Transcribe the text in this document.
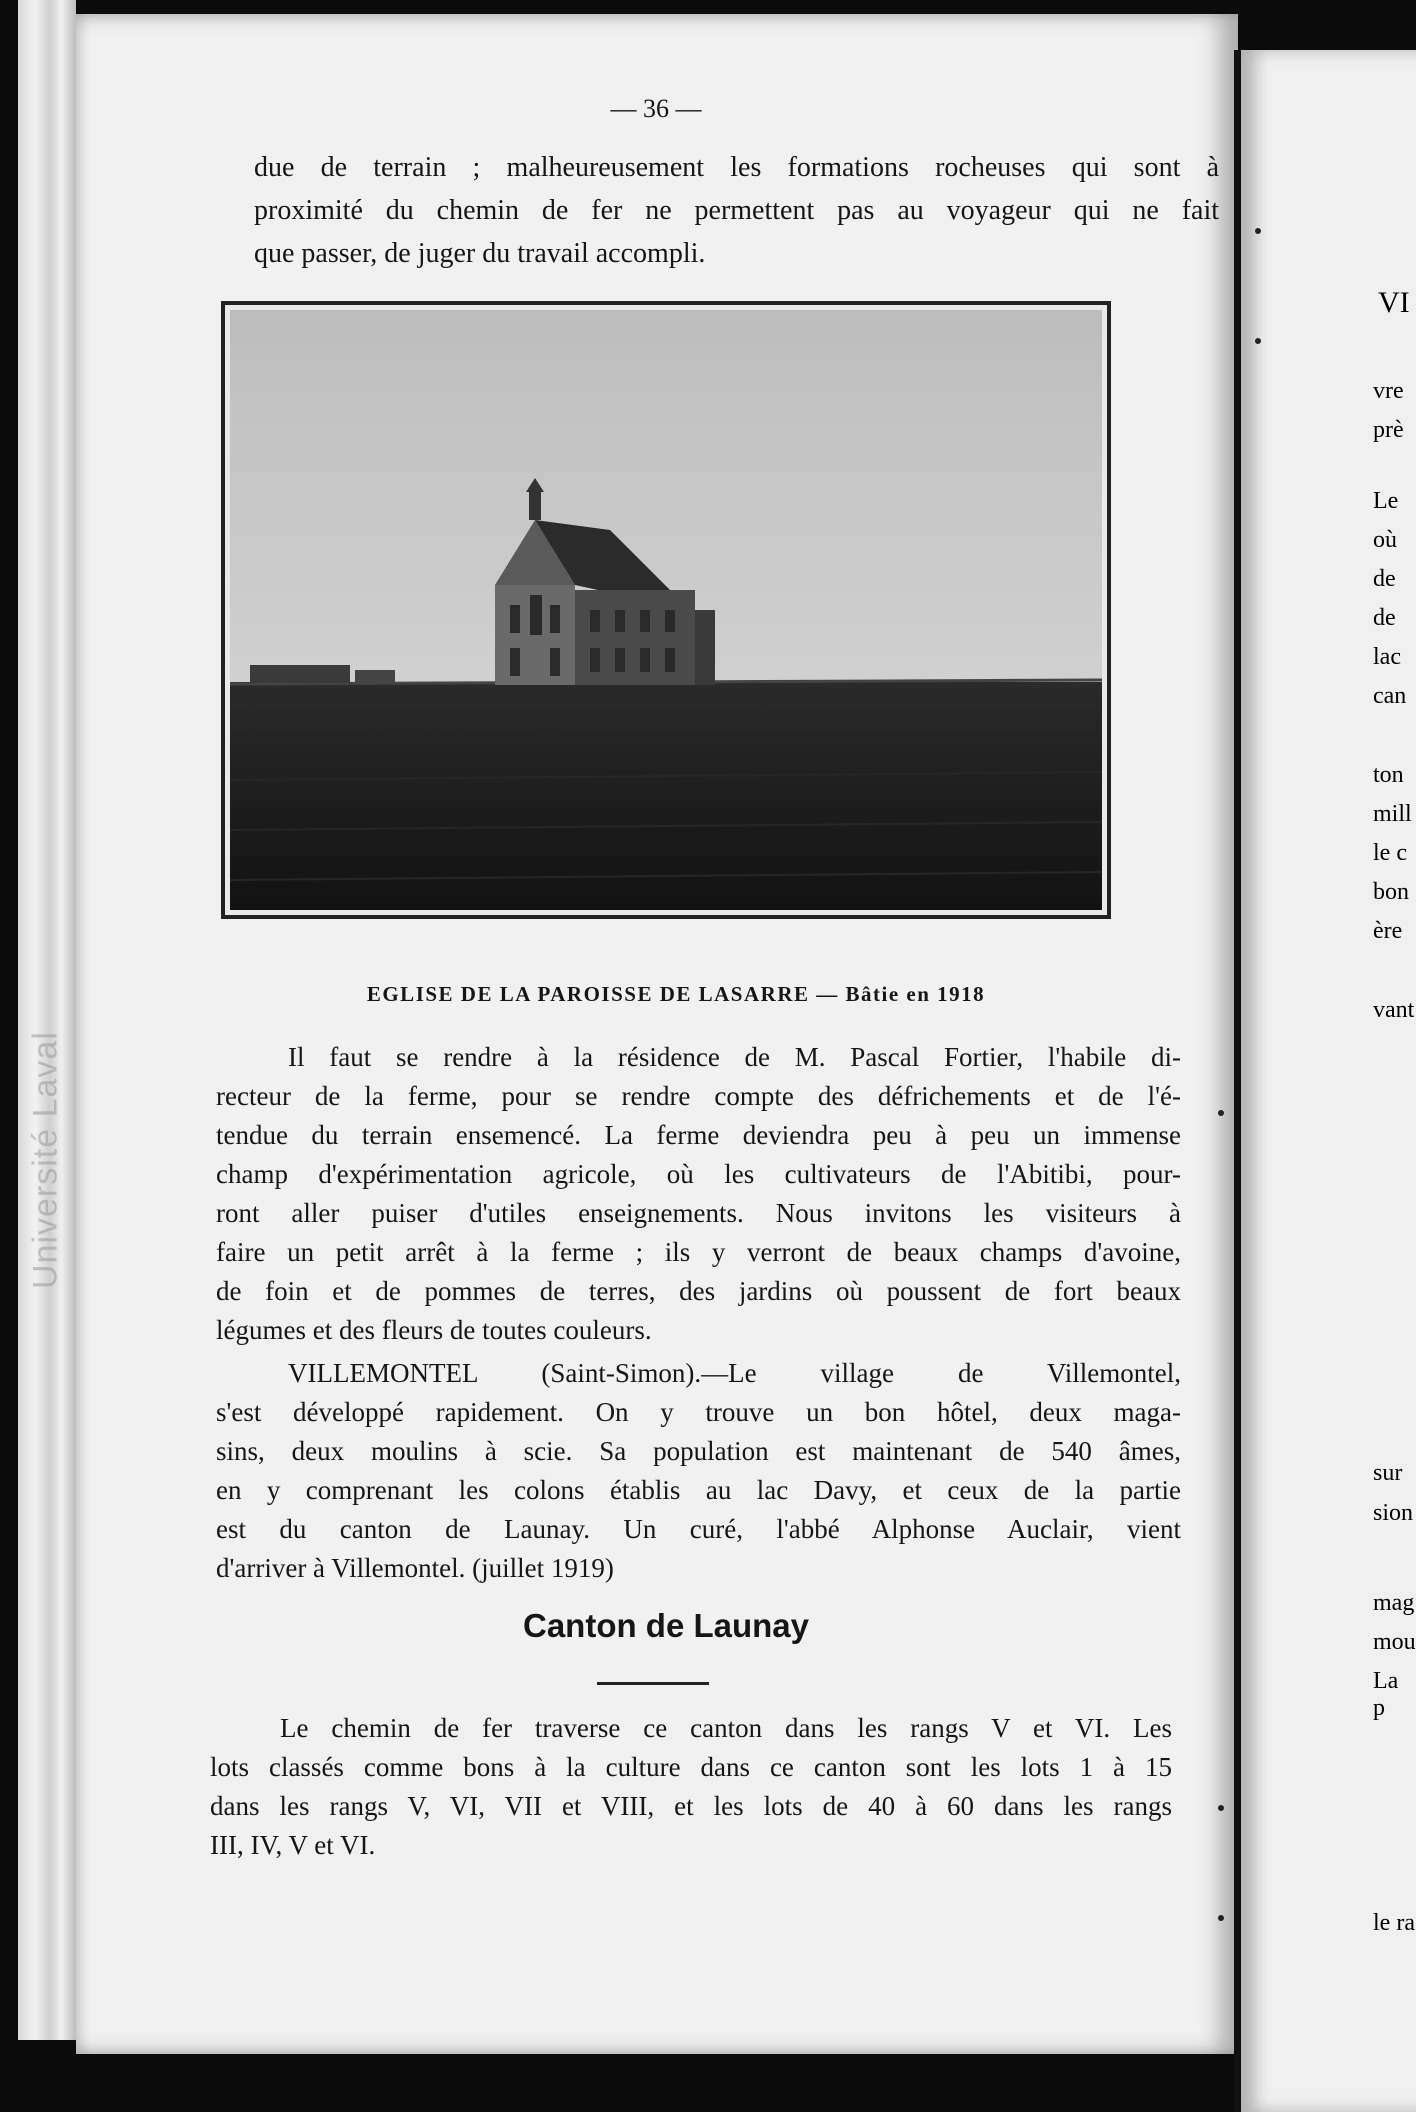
Université Laval
— 36 —
due de terrain ; malheureusement les formations rocheuses qui sont à
proximité du chemin de fer ne permettent pas au voyageur qui ne fait
que passer, de juger du travail accompli.
EGLISE DE LA PAROISSE DE LASARRE — Bâtie en 1918
Il faut se rendre à la résidence de M. Pascal Fortier, l'habile di-
recteur de la ferme, pour se rendre compte des défrichements et de l'é-
tendue du terrain ensemencé. La ferme deviendra peu à peu un immense
champ d'expérimentation agricole, où les cultivateurs de l'Abitibi, pour-
ront aller puiser d'utiles enseignements. Nous invitons les visiteurs à
faire un petit arrêt à la ferme ; ils y verront de beaux champs d'avoine,
de foin et de pommes de terres, des jardins où poussent de fort beaux
légumes et des fleurs de toutes couleurs.
VILLEMONTEL (Saint-Simon).—Le village de Villemontel,
s'est développé rapidement. On y trouve un bon hôtel, deux maga-
sins, deux moulins à scie. Sa population est maintenant de 540 âmes,
en y comprenant les colons établis au lac Davy, et ceux de la partie
est du canton de Launay. Un curé, l'abbé Alphonse Auclair, vient
d'arriver à Villemontel. (juillet 1919)
Canton de Launay
Le chemin de fer traverse ce canton dans les rangs V et VI. Les
lots classés comme bons à la culture dans ce canton sont les lots 1 à 15
dans les rangs V, VI, VII et VIII, et les lots de 40 à 60 dans les rangs
III, IV, V et VI.
VI
vre
prè
Le
où
de
de
lac
can
ton
mill
le c
bon
ère
vant
sur
sion
mag
mou
La p
le ra
